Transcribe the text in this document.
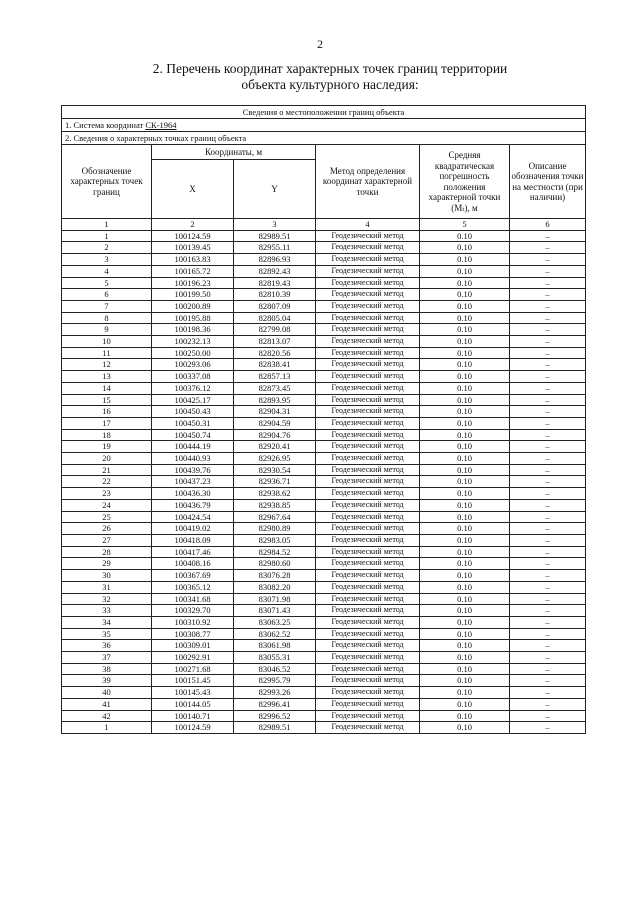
2
2. Перечень координат характерных точек границ территории
объекта культурного наследия:
Сведения о местоположении границ объекта					
1. Система координат СК-1964					
2. Сведения о характерных точках границ объекта					
Обозначение характерных точек границ	Координаты, м		Метод определения координат характерной точки	Средняя квадратическая погрешность положения характерной точки (Mₜ), м	Описание обозначения точки на местности (при наличии)
	X	Y			
1	2	3	4	5	6
1	100124.59	82989.51	Геодезический метод	0.10	–
2	100139.45	82955.11	Геодезический метод	0.10	–
3	100163.83	82896.93	Геодезический метод	0.10	–
4	100165.72	82892.43	Геодезический метод	0.10	–
5	100196.23	82819.43	Геодезический метод	0.10	–
6	100199.50	82810.39	Геодезический метод	0.10	–
7	100200.89	82807.09	Геодезический метод	0.10	–
8	100195.88	82805.04	Геодезический метод	0.10	–
9	100198.36	82799.08	Геодезический метод	0.10	–
10	100232.13	82813.07	Геодезический метод	0.10	–
11	100250.00	82820.56	Геодезический метод	0.10	–
12	100293.06	82838.41	Геодезический метод	0.10	–
13	100337.08	82857.13	Геодезический метод	0.10	–
14	100376.12	82873.45	Геодезический метод	0.10	–
15	100425.17	82893.95	Геодезический метод	0.10	–
16	100450.43	82904.31	Геодезический метод	0.10	–
17	100450.31	82904.59	Геодезический метод	0.10	–
18	100450.74	82904.76	Геодезический метод	0.10	–
19	100444.19	82920.41	Геодезический метод	0.10	–
20	100440.93	82926.95	Геодезический метод	0.10	–
21	100439.76	82930.54	Геодезический метод	0.10	–
22	100437.23	82936.71	Геодезический метод	0.10	–
23	100436.30	82938.62	Геодезический метод	0.10	–
24	100436.79	82938.85	Геодезический метод	0.10	–
25	100424.54	82967.64	Геодезический метод	0.10	–
26	100419.02	82980.89	Геодезический метод	0.10	–
27	100418.09	82983.05	Геодезический метод	0.10	–
28	100417.46	82984.52	Геодезический метод	0.10	–
29	100408.16	82980.60	Геодезический метод	0.10	–
30	100367.69	83076.28	Геодезический метод	0.10	–
31	100365.12	83082.20	Геодезический метод	0.10	–
32	100341.68	83071.98	Геодезический метод	0.10	–
33	100329.70	83071.43	Геодезический метод	0.10	–
34	100310.92	83063.25	Геодезический метод	0.10	–
35	100308.77	83062.52	Геодезический метод	0.10	–
36	100309.01	83061.98	Геодезический метод	0.10	–
37	100292.91	83055.31	Геодезический метод	0.10	–
38	100271.68	83046.52	Геодезический метод	0.10	–
39	100151.45	82995.79	Геодезический метод	0.10	–
40	100145.43	82993.26	Геодезический метод	0.10	–
41	100144.05	82996.41	Геодезический метод	0.10	–
42	100140.71	82996.52	Геодезический метод	0.10	–
1	100124.59	82989.51	Геодезический метод	0.10	–
